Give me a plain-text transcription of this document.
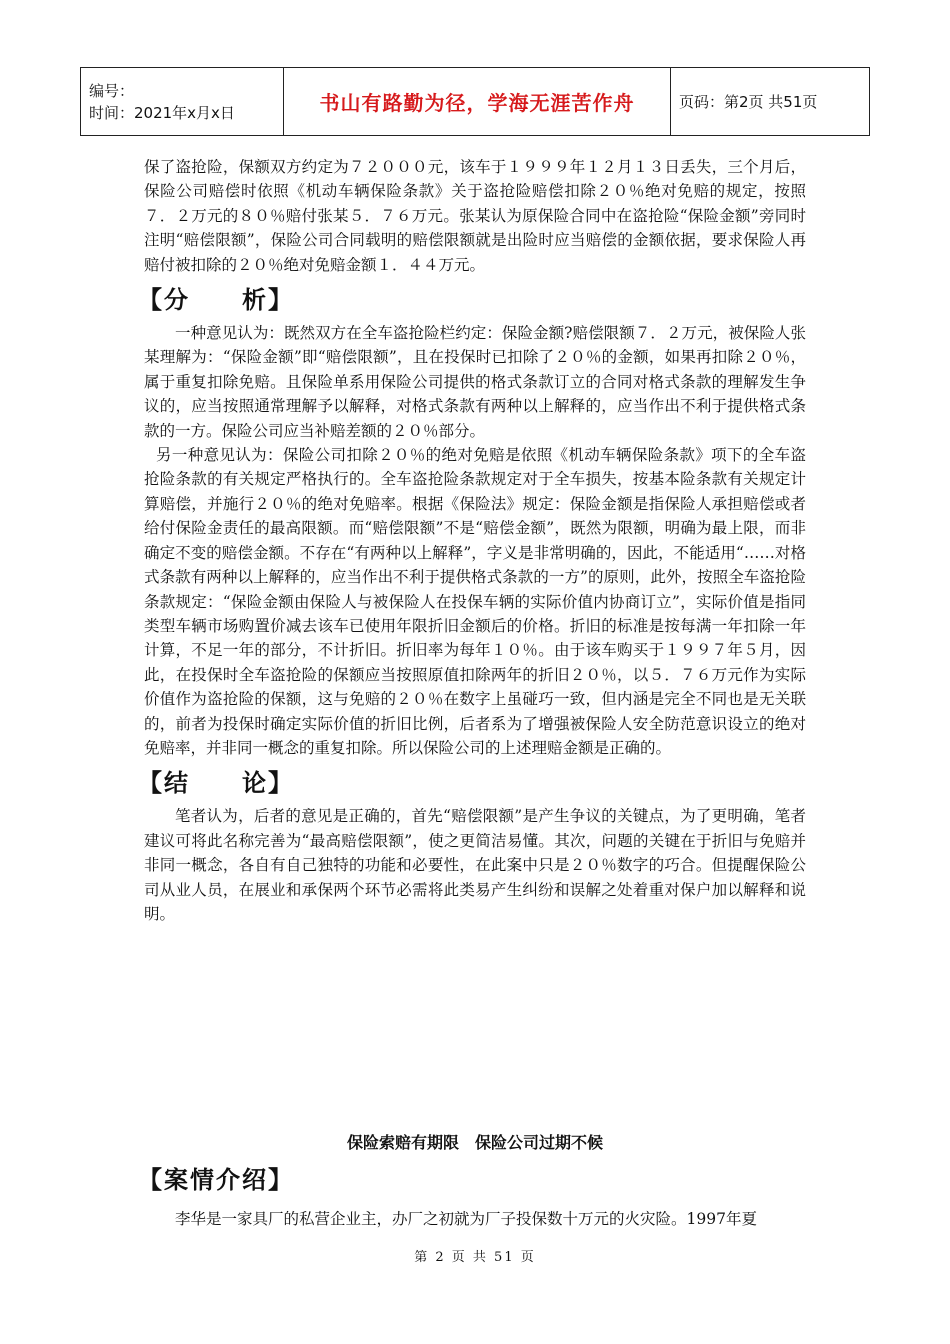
编号：
时间：2021年x月x日	书山有路勤为径，学海无涯苦作舟	页码：第2页 共51页

保了盗抢险，保额双方约定为７２０００元，该车于１９９９年１２月１３日丢失，三个月后，保险公司赔偿时依照《机动车辆保险条款》关于盗抢险赔偿扣除２０％绝对免赔的规定，按照７．２万元的８０％赔付张某５．７６万元。张某认为原保险合同中在盗抢险“保险金额”旁同时注明“赔偿限额”，保险公司合同载明的赔偿限额就是出险时应当赔偿的金额依据，要求保险人再赔付被扣除的２０％绝对免赔金额１．４４万元。

【分　　析】

一种意见认为：既然双方在全车盗抢险栏约定：保险金额?赔偿限额７．２万元，被保险人张某理解为：“保险金额”即“赔偿限额”，且在投保时已扣除了２０％的金额，如果再扣除２０％，属于重复扣除免赔。且保险单系用保险公司提供的格式条款订立的合同对格式条款的理解发生争议的，应当按照通常理解予以解释，对格式条款有两种以上解释的，应当作出不利于提供格式条款的一方。保险公司应当补赔差额的２０％部分。

另一种意见认为：保险公司扣除２０％的绝对免赔是依照《机动车辆保险条款》项下的全车盗抢险条款的有关规定严格执行的。全车盗抢险条款规定对于全车损失，按基本险条款有关规定计算赔偿，并施行２０％的绝对免赔率。根据《保险法》规定：保险金额是指保险人承担赔偿或者给付保险金责任的最高限额。而“赔偿限额”不是“赔偿金额”，既然为限额，明确为最上限，而非确定不变的赔偿金额。不存在“有两种以上解释”，字义是非常明确的，因此，不能适用“……对格式条款有两种以上解释的，应当作出不利于提供格式条款的一方”的原则，此外，按照全车盗抢险条款规定：“保险金额由保险人与被保险人在投保车辆的实际价值内协商订立”，实际价值是指同类型车辆市场购置价减去该车已使用年限折旧金额后的价格。折旧的标准是按每满一年扣除一年计算，不足一年的部分，不计折旧。折旧率为每年１０％。由于该车购买于１９９７年５月，因此，在投保时全车盗抢险的保额应当按照原值扣除两年的折旧２０％，以５．７６万元作为实际价值作为盗抢险的保额，这与免赔的２０％在数字上虽碰巧一致，但内涵是完全不同也是无关联的，前者为投保时确定实际价值的折旧比例，后者系为了增强被保险人安全防范意识设立的绝对免赔率，并非同一概念的重复扣除。所以保险公司的上述理赔金额是正确的。

【结　　论】

笔者认为，后者的意见是正确的，首先“赔偿限额”是产生争议的关键点，为了更明确，笔者建议可将此名称完善为“最高赔偿限额”，使之更简洁易懂。其次，问题的关键在于折旧与免赔并非同一概念，各自有自己独特的功能和必要性，在此案中只是２０％数字的巧合。但提醒保险公司从业人员，在展业和承保两个环节必需将此类易产生纠纷和误解之处着重对保户加以解释和说明。

保险索赔有期限　保险公司过期不候
【案情介绍】

李华是一家具厂的私营企业主，办厂之初就为厂子投保数十万元的火灾险。1997年夏

第 2 页 共 51 页
